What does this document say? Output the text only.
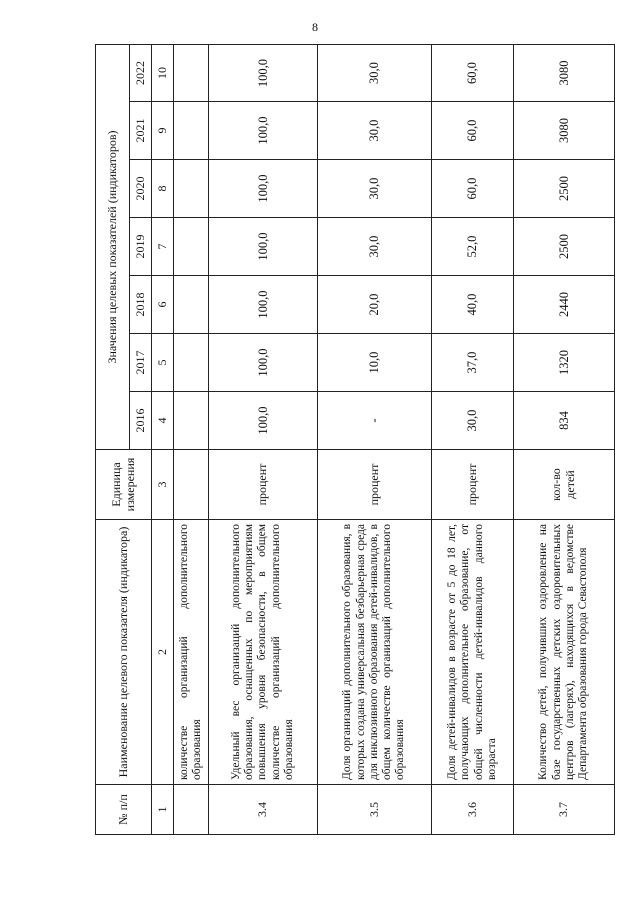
8
№ п/п	Наименование целевого показателя (индикатора)	Единица измерения	Значения целевых показателей (индикаторов)						
			2016	2017	2018	2019	2020	2021	2022
1	2	3	4	5	6	7	8	9	10
	количестве организаций дополнительного образования								
3.4	Удельный вес организаций дополнительного образования, оснащенных по мероприятиям повышения уровня безопасности, в общем количестве организаций дополнительного образования	процент	100,0	100,0	100,0	100,0	100,0	100,0	100,0
3.5	Доля организаций дополнительного образования, в которых создана универсальная безбарьерная среда для инклюзивного образования детей-инвалидов, в общем количестве организаций дополнительного образования	процент	-	10,0	20,0	30,0	30,0	30,0	30,0
3.6	Доля детей-инвалидов в возрасте от 5 до 18 лет, получающих дополнительное образование, от общей численности детей-инвалидов данного возраста	процент	30,0	37,0	40,0	52,0	60,0	60,0	60,0
3.7	Количество детей, получивших оздоровление на базе государственных детских оздоровительных центров (лагерях), находящихся в ведомстве Департамента образования города Севастополя	кол-во детей	834	1320	2440	2500	2500	3080	3080
